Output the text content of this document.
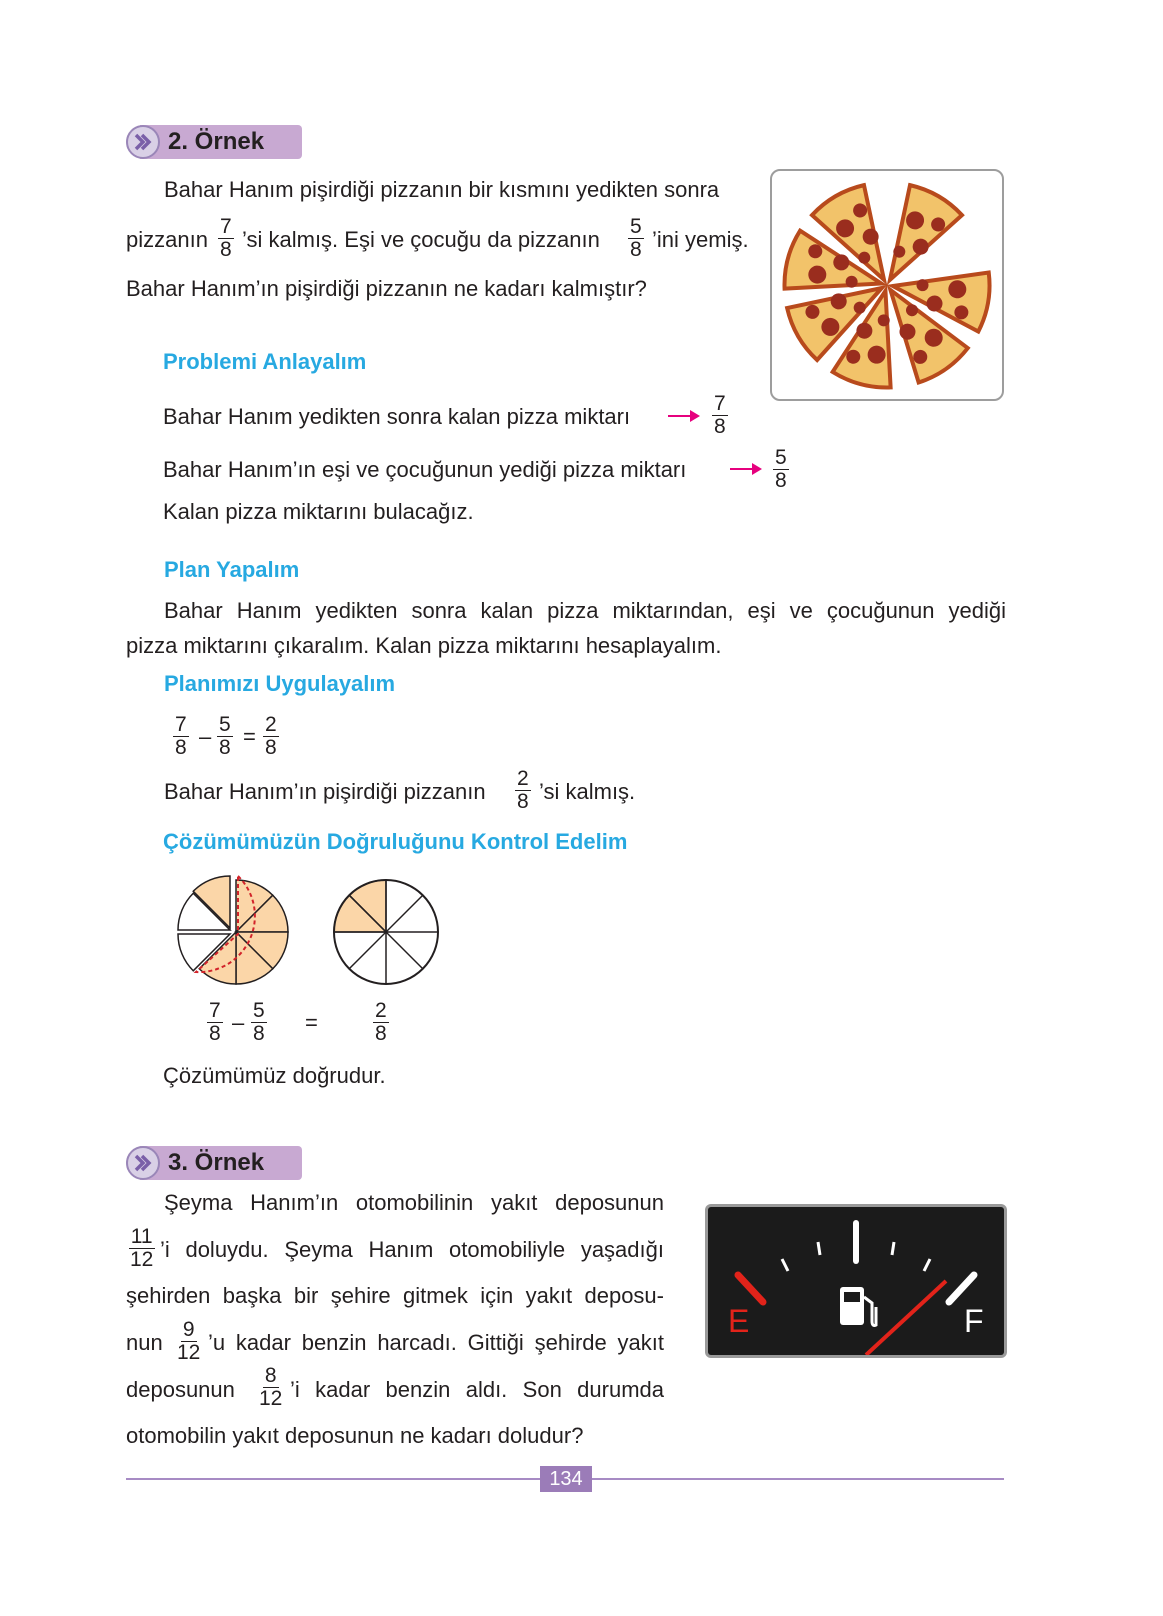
2. Örnek
Bahar Hanım pişirdiği pizzanın bir kısmını yedikten sonra
pizzanın $\frac{7}{8}$ ’si kalmış. Eşi ve çocuğu da pizzanın $\frac{5}{8}$ ’ini yemiş.
Bahar Hanım’ın pişirdiği pizzanın ne kadarı kalmıştır?
Problemi Anlayalım
Bahar Hanım yedikten sonra kalan pizza miktarı	$\frac{7}{8}$
Bahar Hanım’ın eşi ve çocuğunun yediği pizza miktarı	$\frac{5}{8}$
Kalan pizza miktarını bulacağız.
Plan Yapalım
Bahar Hanım yedikten sonra kalan pizza miktarından, eşi ve çocuğunun yediği
pizza miktarını çıkaralım. Kalan pizza miktarını hesaplayalım.
Planımızı Uygulayalım
$\frac{7}{8} - \frac{5}{8} = \frac{2}{8}$
Bahar Hanım’ın pişirdiği pizzanın $\frac{2}{8}$ ’si kalmış.
Çözümümüzün Doğruluğunu Kontrol Edelim
$\frac{7}{8} - \frac{5}{8}$ =	$\frac{2}{8}$
Çözümümüz doğrudur.
3. Örnek
Şeyma Hanım’ın otomobilinin yakıt deposunun
$\frac{11}{12}$ ’i doluydu. Şeyma Hanım otomobiliyle yaşadığı
şehirden başka bir şehire gitmek için yakıt deposu-
nun $\frac{9}{12}$ ’u kadar benzin harcadı. Gittiği şehirde yakıt
deposunun $\frac{8}{12}$ ’i kadar benzin aldı. Son durumda
otomobilin yakıt deposunun ne kadarı doludur?
E	F
134
